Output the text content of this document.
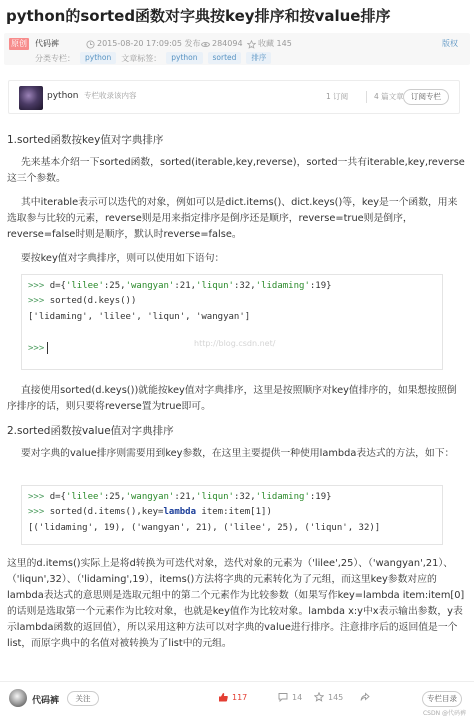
python的sorted函数对字典按key排序和按value排序
原创 代码裤	2015-08-20 17:09:05 发布 284094 收藏 145	版权
分类专栏：	python	文章标签：	python	sorted	排序
python 专栏收录该内容	1 订阅	4 篇文章 订阅专栏
1.sorted函数按key值对字典排序

先来基本介绍一下sorted函数，sorted(iterable,key,reverse)，sorted一共有iterable,key,reverse这三个参数。

其中iterable表示可以迭代的对象，例如可以是dict.items()、dict.keys()等，key是一个函数，用来选取参与比较的元素，reverse则是用来指定排序是倒序还是顺序，reverse=true则是倒序，reverse=false时则是顺序，默认时reverse=false。

要按key值对字典排序，则可以使用如下语句：

>>> d={'lilee':25,'wangyan':21,'liqun':32,'lidaming':19}
>>> sorted(d.keys())
['lidaming', 'lilee', 'liqun', 'wangyan']
http://blog.csdn.net/
>>>

直接使用sorted(d.keys())就能按key值对字典排序，这里是按照顺序对key值排序的，如果想按照倒序排序的话，则只要将reverse置为true即可。

2.sorted函数按value值对字典排序

要对字典的value排序则需要用到key参数，在这里主要提供一种使用lambda表达式的方法，如下：

>>> d={'lilee':25,'wangyan':21,'liqun':32,'lidaming':19}
>>> sorted(d.items(),key=lambda item:item[1])
[('lidaming', 19), ('wangyan', 21), ('lilee', 25), ('liqun', 32)]

这里的d.items()实际上是将d转换为可迭代对象，迭代对象的元素为（'lilee',25）、（'wangyan',21）、（'liqun',32）、（'lidaming',19），items()方法将字典的元素转化为了元组，而这里key参数对应的lambda表达式的意思则是选取元组中的第二个元素作为比较参数（如果写作key=lambda item:item[0]的话则是选取第一个元素作为比较对象，也就是key值作为比较对象。lambda x:y中x表示输出参数，y表示lambda函数的返回值），所以采用这种方法可以对字典的value进行排序。注意排序后的返回值是一个list，而原字典中的名值对被转换为了list中的元组。

代码裤	关注	117	14	145	专栏目录
CSDN @代码裤
